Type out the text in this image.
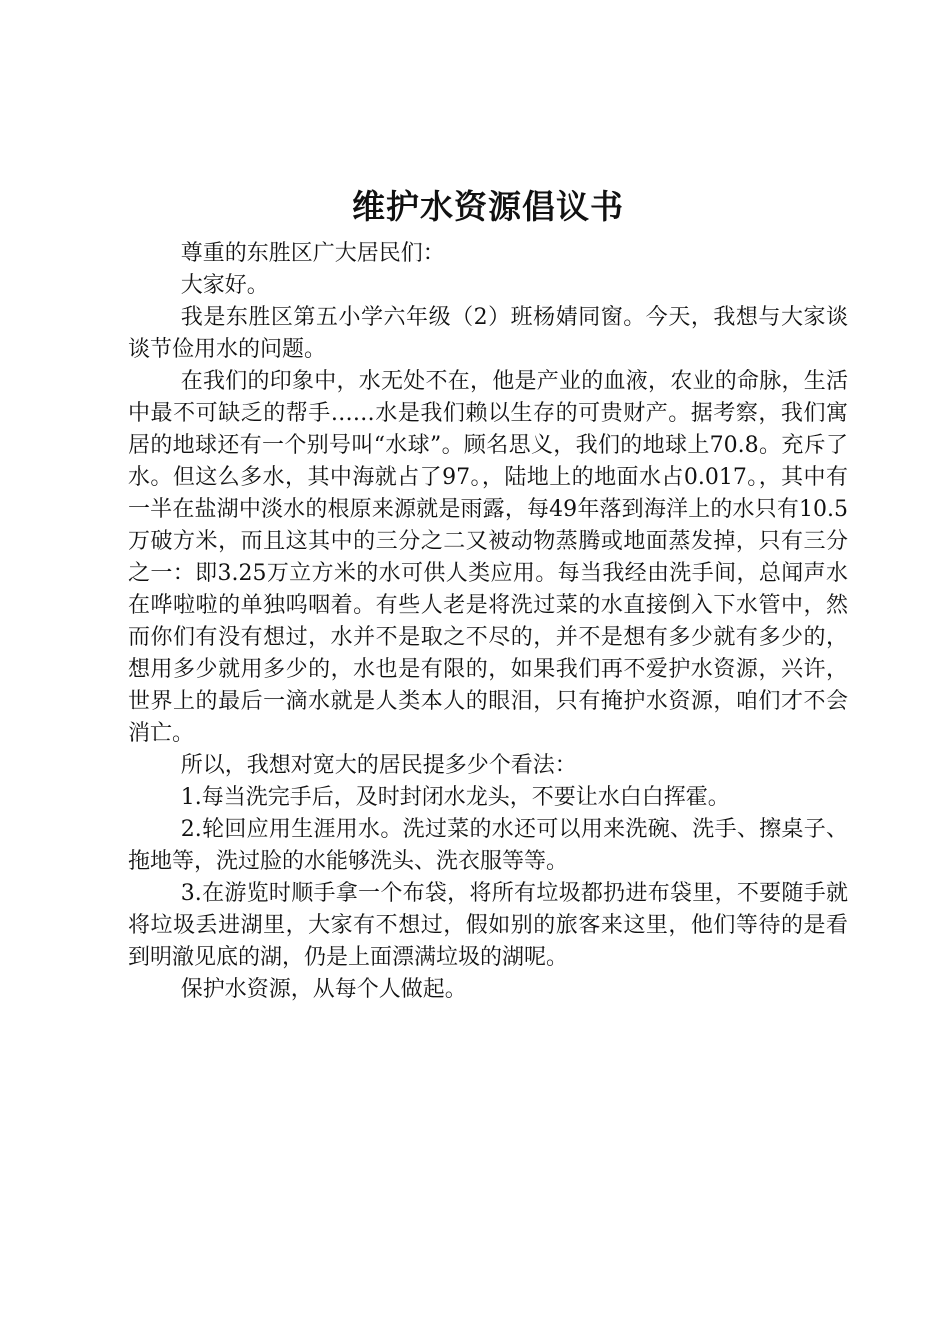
维护水资源倡议书

尊重的东胜区广大居民们：

大家好。

我是东胜区第五小学六年级（2）班杨婧同窗。今天，我想与大家谈谈节俭用水的问题。

在我们的印象中，水无处不在，他是产业的血液，农业的命脉，生活中最不可缺乏的帮手……水是我们赖以生存的可贵财产。据考察，我们寓居的地球还有一个别号叫“水球”。顾名思义，我们的地球上70.8。充斥了水。但这么多水，其中海就占了97。，陆地上的地面水占0.017。，其中有一半在盐湖中淡水的根原来源就是雨露，每49年落到海洋上的水只有10.5万破方米，而且这其中的三分之二又被动物蒸腾或地面蒸发掉，只有三分之一：即3.25万立方米的水可供人类应用。每当我经由洗手间，总闻声水在哗啦啦的单独呜咽着。有些人老是将洗过菜的水直接倒入下水管中，然而你们有没有想过，水并不是取之不尽的，并不是想有多少就有多少的，想用多少就用多少的，水也是有限的，如果我们再不爱护水资源，兴许，世界上的最后一滴水就是人类本人的眼泪，只有掩护水资源，咱们才不会消亡。

所以，我想对宽大的居民提多少个看法：

1.每当洗完手后，及时封闭水龙头，不要让水白白挥霍。

2.轮回应用生涯用水。洗过菜的水还可以用来洗碗、洗手、擦桌子、拖地等，洗过脸的水能够洗头、洗衣服等等。

3.在游览时顺手拿一个布袋，将所有垃圾都扔进布袋里，不要随手就将垃圾丢进湖里，大家有不想过，假如别的旅客来这里，他们等待的是看到明澈见底的湖，仍是上面漂满垃圾的湖呢。

保护水资源，从每个人做起。
